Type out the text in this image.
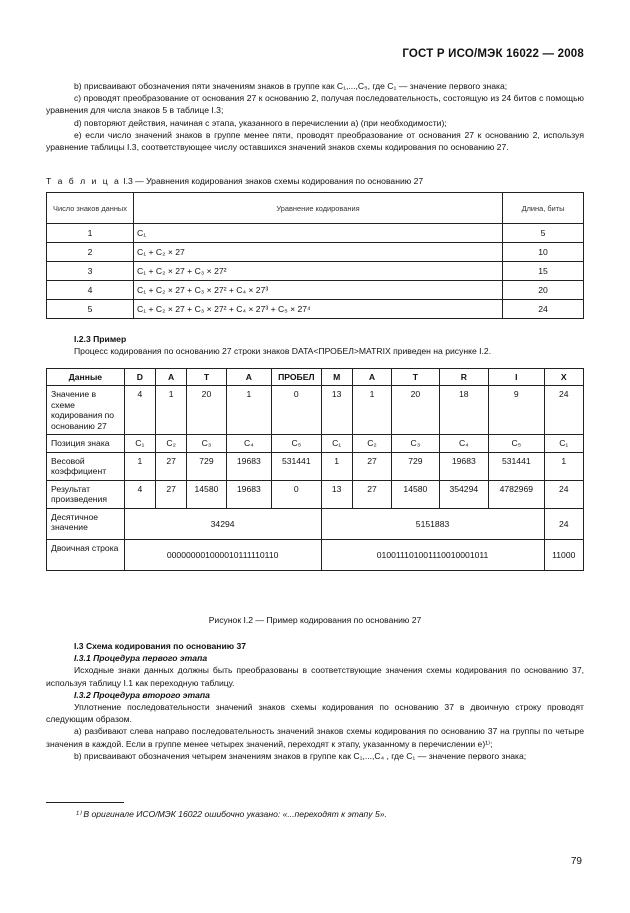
ГОСТ Р ИСО/МЭК 16022 — 2008

b) присваивают обозначения пяти значениям знаков в группе как C₁,...,C₅, где C₁ — значение первого знака;

с) проводят преобразование от основания 27 к основанию 2, получая последовательность, состоящую из 24 битов с помощью уравнения для числа знаков 5 в таблице I.3;

d) повторяют действия, начиная с этапа, указанного в перечислении а) (при необходимости);

е) если число значений знаков в группе менее пяти, проводят преобразование от основания 27 к основанию 2, используя уравнение таблицы I.3, соответствующее числу оставшихся значений знаков схемы кодирования по основанию 27.

Т а б л и ц а I.3 — Уравнения кодирования знаков схемы кодирования по основанию 27
Число знаков данных	Уравнение кодирования	Длина, биты
1	C₁	5
2	C₁ + C₂ × 27	10
3	C₁ + C₂ × 27 + C₃ × 27²	15
4	C₁ + C₂ × 27 + C₃ × 27² + C₄ × 27³	20
5	C₁ + C₂ × 27 + C₃ × 27² + C₄ × 27³ + C₅ × 27⁴	24
I.2.3 Пример

Процесс кодирования по основанию 27 строки знаков DATA<ПРОБЕЛ>MATRIX приведен на рисунке I.2.

Данные	D	A	T	A	ПРОБЕЛ	M	A	T	R	I	X
Значение в схеме кодирования по основанию 27	4	1	20	1	0	13	1	20	18	9	24
Позиция знака	C₁	C₂	C₃	C₄	C₅	C₁	C₂	C₃	C₄	C₅	C₁
Весовой коэффициент	1	27	729	19683	531441	1	27	729	19683	531441	1
Результат произведения	4	27	14580	19683	0	13	27	14580	354294	4782969	24
Десятичное значение	34294					5151883					24
Двоичная строка	000000001000010111110110					010011101001110010001011					11000
Рисунок I.2 — Пример кодирования по основанию 27
I.3 Схема кодирования по основанию 37
I.3.1 Процедура первого этапа

Исходные знаки данных должны быть преобразованы в соответствующие значения схемы кодирования по основанию 37, используя таблицу I.1 как переходную таблицу.

I.3.2 Процедура второго этапа

Уплотнение последовательности значений знаков схемы кодирования по основанию 37 в двоичную строку проводят следующим образом.

а) разбивают слева направо последовательность значений знаков схемы кодирования по основанию 37 на группы по четыре значения в каждой. Если в группе менее четырех значений, переходят к этапу, указанному в перечислении е)¹⁾;

b) присваивают обозначения четырем значениям знаков в группе как C₁,...,C₄ , где C₁ — значение первого знака;

¹⁾ В оригинале ИСО/МЭК 16022 ошибочно указано: «...переходят к этапу 5».
79
